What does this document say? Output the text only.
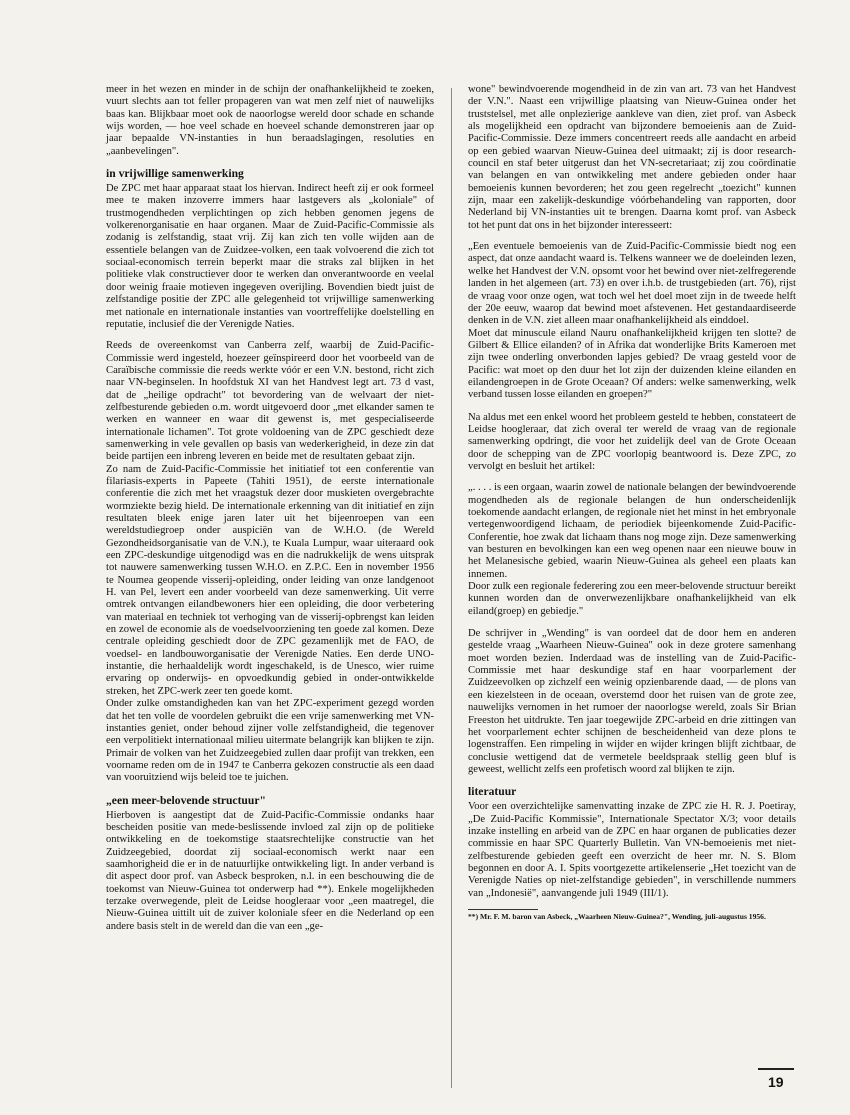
meer in het wezen en minder in de schijn der onafhankelijkheid te zoeken, vuurt slechts aan tot feller propageren van wat men zelf niet of nauwelijks baas kan. Blijkbaar moet ook de naoorlogse wereld door schade en schande wijs worden, — hoe veel schade en hoeveel schande demonstreren jaar op jaar bepaalde VN-instanties in hun beraadslagingen, resoluties en „aanbevelingen".

in vrijwillige samenwerking

De ZPC met haar apparaat staat los hiervan. Indirect heeft zij er ook formeel mee te maken inzoverre immers haar lastgevers als „koloniale" of trustmogendheden verplichtingen op zich hebben genomen jegens de volkerenorganisatie en haar organen. Maar de Zuid-Pacific-Commissie als zodanig is zelfstandig, staat vrij. Zij kan zich ten volle wijden aan de essentiele belangen van de Zuidzee-volken, een taak volvoerend die zich tot sociaal-economisch terrein beperkt maar die straks zal blijken in het politieke vlak constructiever door te werken dan onverantwoorde en veelal door weinig fraaie motieven ingegeven overijling. Bovendien biedt juist de zelfstandige positie der ZPC alle gelegenheid tot vrijwillige samenwerking met nationale en internationale instanties van voortreffelijke doelstelling en reputatie, inclusief die der Verenigde Naties.

Reeds de overeenkomst van Canberra zelf, waarbij de Zuid-Pacific-Commissie werd ingesteld, hoezeer geïnspireerd door het voorbeeld van de Caraïbische commissie die reeds werkte vóór er een V.N. bestond, richt zich naar VN-beginselen. In hoofdstuk XI van het Handvest legt art. 73 d vast, dat de „heilige opdracht" tot bevordering van de welvaart der niet-zelfbesturende gebieden o.m. wordt uitgevoerd door „met elkander samen te werken en wanneer en waar dit gewenst is, met gespecialiseerde internationale lichamen". Tot grote voldoening van de ZPC geschiedt deze samenwerking in vele gevallen op basis van wederkerigheid, in deze zin dat beide partijen een inbreng leveren en beide met de resultaten gebaat zijn.

Zo nam de Zuid-Pacific-Commissie het initiatief tot een conferentie van filariasis-experts in Papeete (Tahiti 1951), de eerste internationale conferentie die zich met het vraagstuk dezer door muskieten overgebrachte wormziekte bezig hield. De internationale erkenning van dit initiatief en zijn resultaten bleek enige jaren later uit het bijeenroepen van een wereldstudiegroep onder auspiciën van de W.H.O. (de Wereld Gezondheidsorganisatie van de V.N.), te Kuala Lumpur, waar uiteraard ook een ZPC-deskundige uitgenodigd was en die nadrukkelijk de wens uitsprak tot nauwere samenwerking tussen W.H.O. en Z.P.C. Een in november 1956 te Noumea geopende visserij-opleiding, onder leiding van onze landgenoot H. van Pel, levert een ander voorbeeld van deze samenwerking. Uit verre omtrek ontvangen eilandbewoners hier een opleiding, die door verbetering van materiaal en techniek tot verhoging van de visserij-opbrengst kan leiden en zowel de economie als de voedselvoorziening ten goede zal komen. Deze centrale opleiding geschiedt door de ZPC gezamenlijk met de FAO, de voedsel- en landbouworganisatie der Verenigde Naties. Een derde UNO-instantie, die herhaaldelijk wordt ingeschakeld, is de Unesco, wier ruime ervaring op onderwijs- en opvoedkundig gebied in onder-ontwikkelde streken, het ZPC-werk zeer ten goede komt.

Onder zulke omstandigheden kan van het ZPC-experiment gezegd worden dat het ten volle de voordelen gebruikt die een vrije samenwerking met VN-instanties geniet, onder behoud zijner volle zelfstandigheid, die tegenover een verpolitiekt internationaal milieu uitermate belangrijk kan blijken te zijn. Primair de volken van het Zuidzeegebied zullen daar profijt van trekken, een voorname reden om de in 1947 te Canberra gekozen constructie als een daad van vooruitziend wijs beleid toe te juichen.

„een meer-belovende structuur"

Hierboven is aangestipt dat de Zuid-Pacific-Commissie ondanks haar bescheiden positie van mede-beslissende invloed zal zijn op de politieke ontwikkeling en de toekomstige staatsrechtelijke constructie van het Zuidzeegebied, doordat zij sociaal-economisch werkt naar een saamhorigheid die er in de natuurlijke ontwikkeling ligt. In ander verband is dit aspect door prof. van Asbeck besproken, n.l. in een beschouwing die de toekomst van Nieuw-Guinea tot onderwerp had **). Enkele mogelijkheden terzake overwegende, pleit de Leidse hoogleraar voor „een maatregel, die Nieuw-Guinea uittilt uit de zuiver koloniale sfeer en die Nederland op een andere basis stelt in de wereld dan die van een „ge-

wone" bewindvoerende mogendheid in de zin van art. 73 van het Handvest der V.N.". Naast een vrijwillige plaatsing van Nieuw-Guinea onder het truststelsel, met alle onplezierige aankleve van dien, ziet prof. van Asbeck als mogelijkheid een opdracht van bijzondere bemoeienis aan de Zuid-Pacific-Commissie. Deze immers concentreert reeds alle aandacht en arbeid op een gebied waarvan Nieuw-Guinea deel uitmaakt; zij is door research-council en staf beter uitgerust dan het VN-secretariaat; zij zou coördinatie van belangen en van ontwikkeling met andere gebieden onder haar bemoeienis kunnen bevorderen; het zou geen regelrecht „toezicht" kunnen zijn, maar een zakelijk-deskundige vóórbehandeling van rapporten, door Nederland bij VN-instanties uit te brengen. Daarna komt prof. van Asbeck tot het punt dat ons in het bijzonder interesseert:

„Een eventuele bemoeienis van de Zuid-Pacific-Commissie biedt nog een aspect, dat onze aandacht waard is. Telkens wanneer we de doeleinden lezen, welke het Handvest der V.N. opsomt voor het bewind over niet-zelfregerende landen in het algemeen (art. 73) en over i.h.b. de trustgebieden (art. 76), rijst de vraag voor onze ogen, wat toch wel het doel moet zijn in de tweede helft der 20e eeuw, waarop dat bewind moet afstevenen. Het gestandaardiseerde denken in de V.N. ziet alleen maar onafhankelijkheid als einddoel.

Moet dat minuscule eiland Nauru onafhankelijkheid krijgen ten slotte? de Gilbert & Ellice eilanden? of in Afrika dat wonderlijke Brits Kameroen met zijn twee onderling onverbonden lapjes gebied? De vraag gesteld voor de Pacific: wat moet op den duur het lot zijn der duizenden kleine eilanden en eilandengroepen in de Grote Oceaan? Of anders: welke samenwerking, welk verband tussen losse eilanden en groepen?"

Na aldus met een enkel woord het probleem gesteld te hebben, constateert de Leidse hoogleraar, dat zich overal ter wereld de vraag van de regionale samenwerking opdringt, die voor het zuidelijk deel van de Grote Oceaan door de schepping van de ZPC voorlopig beantwoord is. Deze ZPC, zo vervolgt en besluit het artikel:

„. . . . is een orgaan, waarin zowel de nationale belangen der bewindvoerende mogendheden als de regionale belangen de hun onderscheidenlijk toekomende aandacht erlangen, de regionale niet het minst in het embryonale vertegenwoordigend lichaam, de periodiek bijeenkomende Zuid-Pacific-Conferentie, hoe zwak dat lichaam thans nog moge zijn. Deze samenwerking van besturen en bevolkingen kan een weg openen naar een nieuwe bouw in het Melanesische gebied, waarin Nieuw-Guinea als geheel een plaats kan innemen.

Door zulk een regionale federering zou een meer-belovende structuur bereikt kunnen worden dan de onverwezenlijkbare onafhankelijkheid van elk eiland(groep) en gebiedje."

De schrijver in „Wending" is van oordeel dat de door hem en anderen gestelde vraag „Waarheen Nieuw-Guinea" ook in deze grotere samenhang moet worden bezien. Inderdaad was de instelling van de Zuid-Pacific-Commissie met haar deskundige staf en haar voorparlement der Zuidzeevolken op zichzelf een weinig opzienbarende daad, — de plons van een kiezelsteen in de oceaan, overstemd door het ruisen van de grote zee, nauwelijks vernomen in het rumoer der naoorlogse wereld, zoals Sir Brian Freeston het uitdrukte. Ten jaar toegewijde ZPC-arbeid en drie zittingen van het voorparlement echter schijnen de bescheidenheid van deze plons te logenstraffen. Een rimpeling in wijder en wijder kringen blijft zichtbaar, de conclusie wettigend dat de vermetele beeldspraak stellig geen bluf is geweest, wellicht zelfs een profetisch woord zal blijken te zijn.

literatuur

Voor een overzichtelijke samenvatting inzake de ZPC zie H. R. J. Poetiray, „De Zuid-Pacific Kommissie", Internationale Spectator X/3; voor details inzake instelling en arbeid van de ZPC en haar organen de publicaties dezer commissie en haar SPC Quarterly Bulletin. Van VN-bemoeienis met niet-zelfbesturende gebieden geeft een overzicht de heer mr. N. S. Blom begonnen en door A. I. Spits voortgezette artikelenserie „Het toezicht van de Verenigde Naties op niet-zelfstandige gebieden", in verschillende nummers van „Indonesië", aanvangende juli 1949 (III/1).

**) Mr. F. M. baron van Asbeck, „Waarheen Nieuw-Guinea?", Wending, juli-augustus 1956.

19
